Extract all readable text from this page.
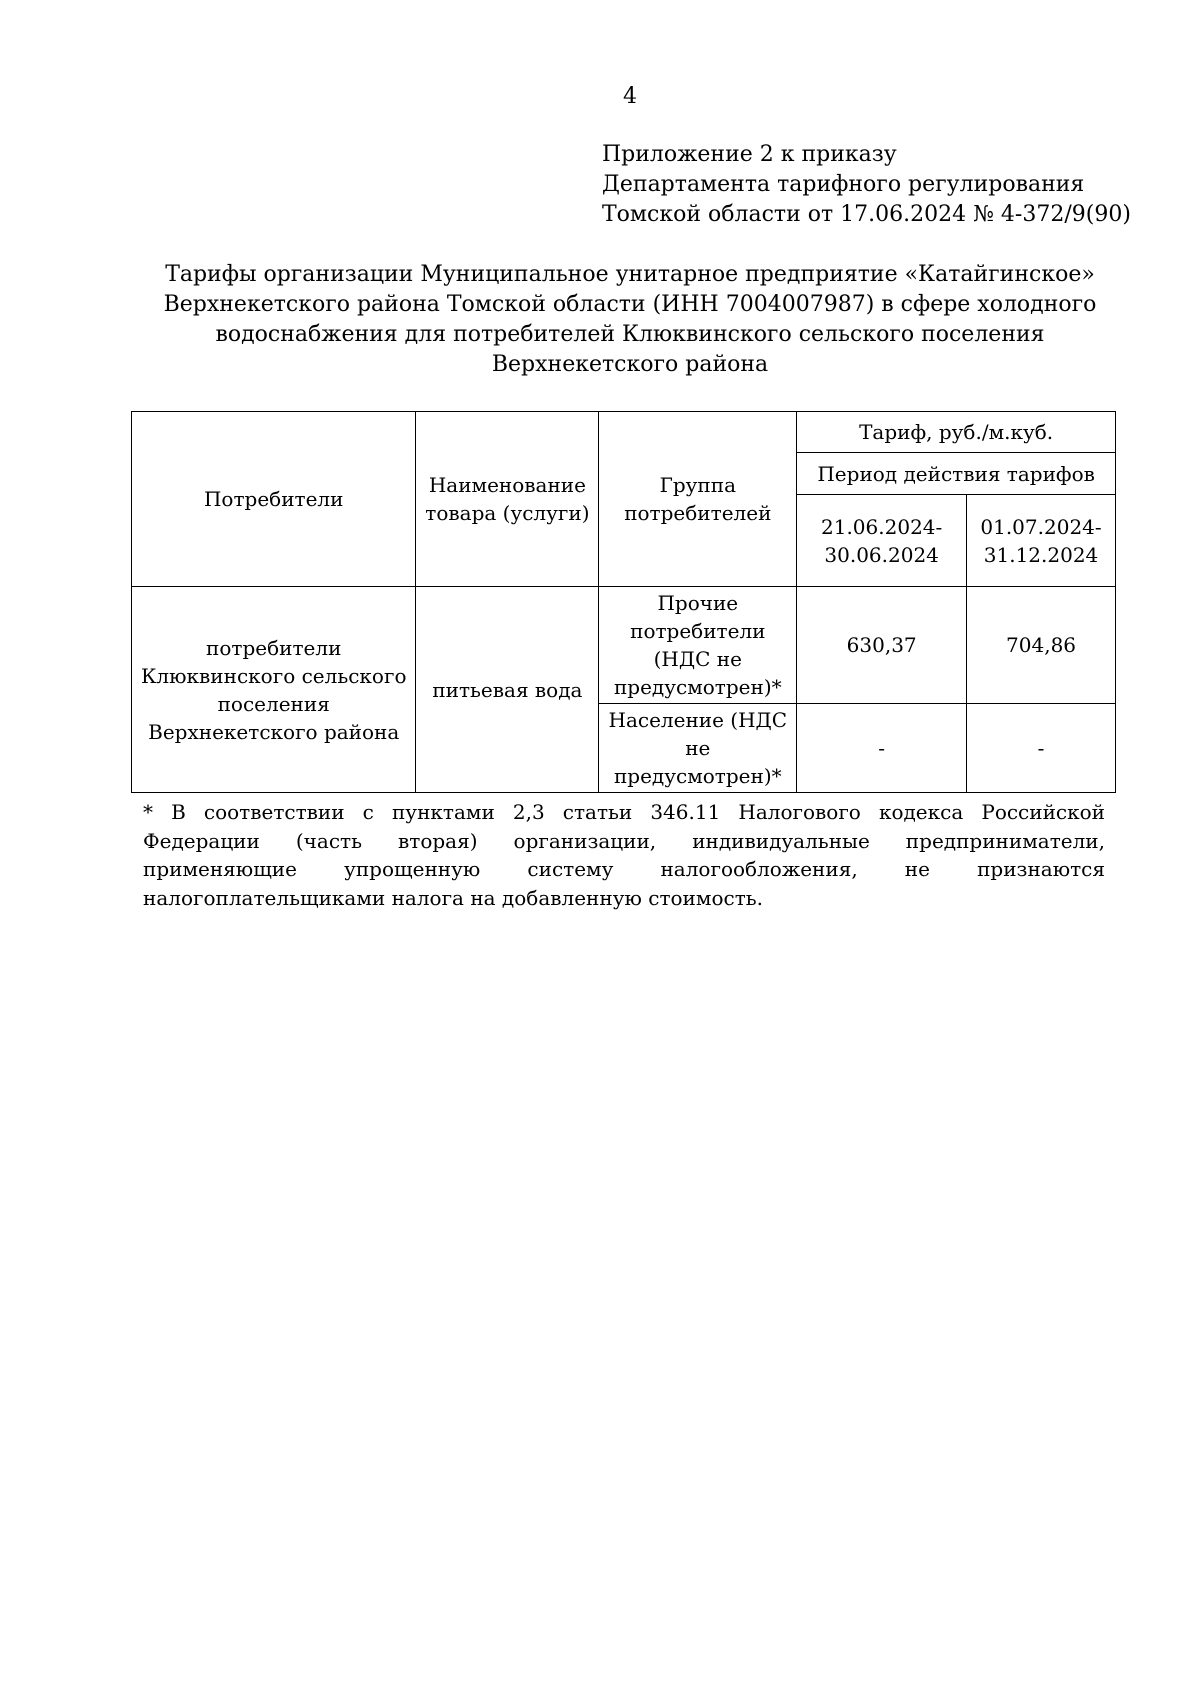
4
Приложение 2 к приказу
Департамента тарифного регулирования
Томской области от 17.06.2024 № 4-372/9(90)
Тарифы организации Муниципальное унитарное предприятие «Катайгинское»
Верхнекетского района Томской области (ИНН 7004007987) в сфере холодного
водоснабжения для потребителей Клюквинского сельского поселения
Верхнекетского района
Потребители	Наименование товара (услуги)	Группа потребителей	Тариф, руб./м.куб.	
			Период действия тарифов	
			21.06.2024-30.06.2024	01.07.2024-31.12.2024
потребители Клюквинского сельского поселения Верхнекетского района	питьевая вода	Прочие потребители (НДС не предусмотрен)*	630,37	704,86
		Население (НДС не предусмотрен)*	-	-
* В соответствии с пунктами 2,3 статьи 346.11 Налогового кодекса Российской Федерации (часть вторая) организации, индивидуальные предприниматели, применяющие упрощенную систему налогообложения, не признаются налогоплательщиками налога на добавленную стоимость.
